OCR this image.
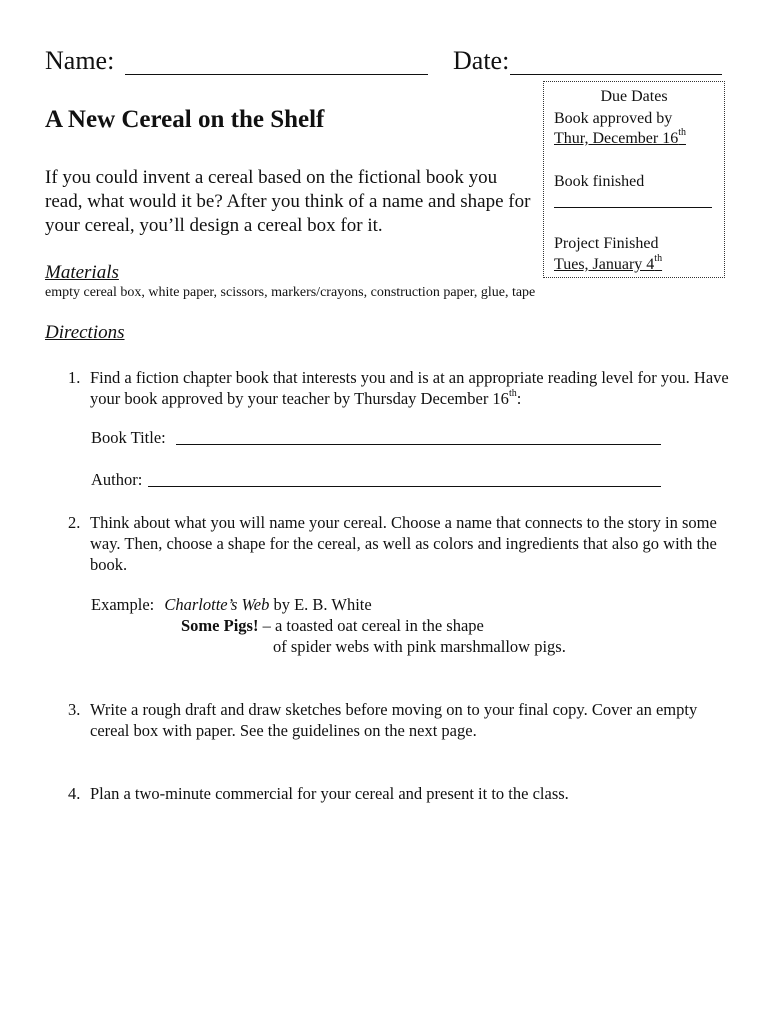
Name:	Date:
A New Cereal on the Shelf
If you could invent a cereal based on the fictional book you read, what would it be? After you think of a name and shape for your cereal, you’ll design a cereal box for it.
Due Dates
Book approved by
Thur, December 16th
Book finished
Project Finished
Tues, January 4th
Materials
empty cereal box, white paper, scissors, markers/crayons, construction paper, glue, tape
Directions
1. Find a fiction chapter book that interests you and is at an appropriate reading level for you. Have your book approved by your teacher by Thursday December 16th:
Book Title:
Author:
2. Think about what you will name your cereal. Choose a name that connects to the story in some way. Then, choose a shape for the cereal, as well as colors and ingredients that also go with the book.
Example: Charlotte’s Web by E. B. White
Some Pigs! – a toasted oat cereal in the shape
of spider webs with pink marshmallow pigs.
3. Write a rough draft and draw sketches before moving on to your final copy. Cover an empty cereal box with paper. See the guidelines on the next page.
4. Plan a two-minute commercial for your cereal and present it to the class.
